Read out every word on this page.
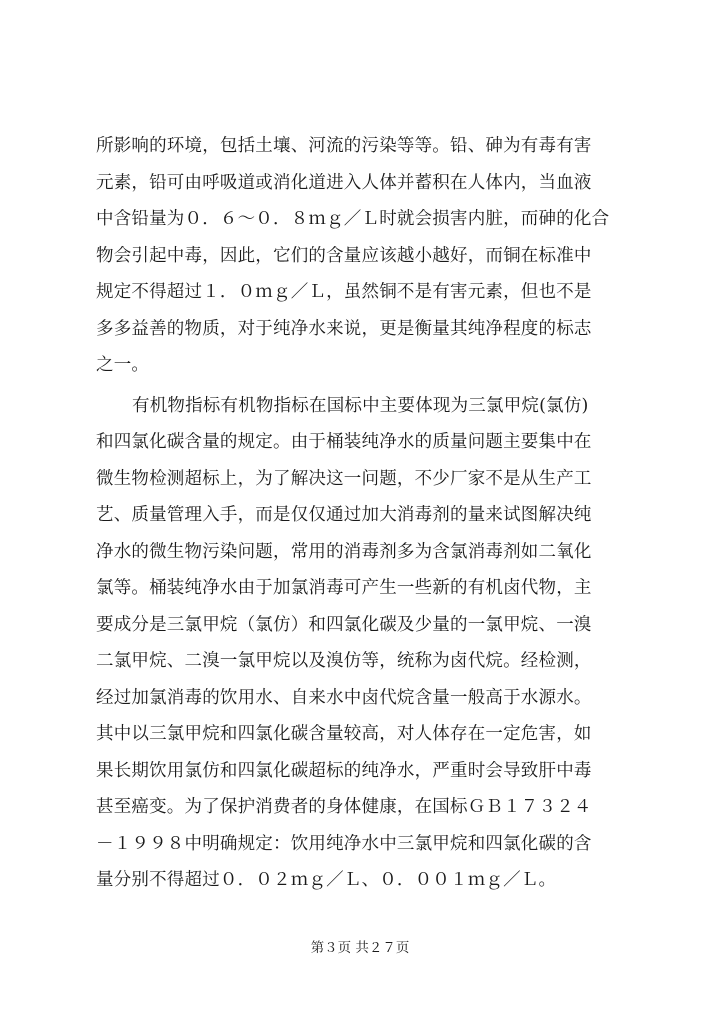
所影响的环境，包括土壤、河流的污染等等。铅、砷为有毒有害
元素，铅可由呼吸道或消化道进入人体并蓄积在人体内，当血液
中含铅量为０．６～０．８ｍｇ／Ｌ时就会损害内脏，而砷的化合
物会引起中毒，因此，它们的含量应该越小越好，而铜在标准中
规定不得超过１．０ｍｇ／Ｌ，虽然铜不是有害元素，但也不是
多多益善的物质，对于纯净水来说，更是衡量其纯净程度的标志
之一。
有机物指标有机物指标在国标中主要体现为三氯甲烷(氯仿)
和四氯化碳含量的规定。由于桶装纯净水的质量问题主要集中在
微生物检测超标上，为了解决这一问题，不少厂家不是从生产工
艺、质量管理入手，而是仅仅通过加大消毒剂的量来试图解决纯
净水的微生物污染问题，常用的消毒剂多为含氯消毒剂如二氧化
氯等。桶装纯净水由于加氯消毒可产生一些新的有机卤代物，主
要成分是三氯甲烷（氯仿）和四氯化碳及少量的一氯甲烷、一溴
二氯甲烷、二溴一氯甲烷以及溴仿等，统称为卤代烷。经检测，
经过加氯消毒的饮用水、自来水中卤代烷含量一般高于水源水。
其中以三氯甲烷和四氯化碳含量较高，对人体存在一定危害，如
果长期饮用氯仿和四氯化碳超标的纯净水，严重时会导致肝中毒
甚至癌变。为了保护消费者的身体健康，在国标ＧＢ１７３２４
－１９９８中明确规定：饮用纯净水中三氯甲烷和四氯化碳的含
量分别不得超过０．０２ｍｇ／Ｌ、０．００１ｍｇ／Ｌ。
第３页 共２７页
